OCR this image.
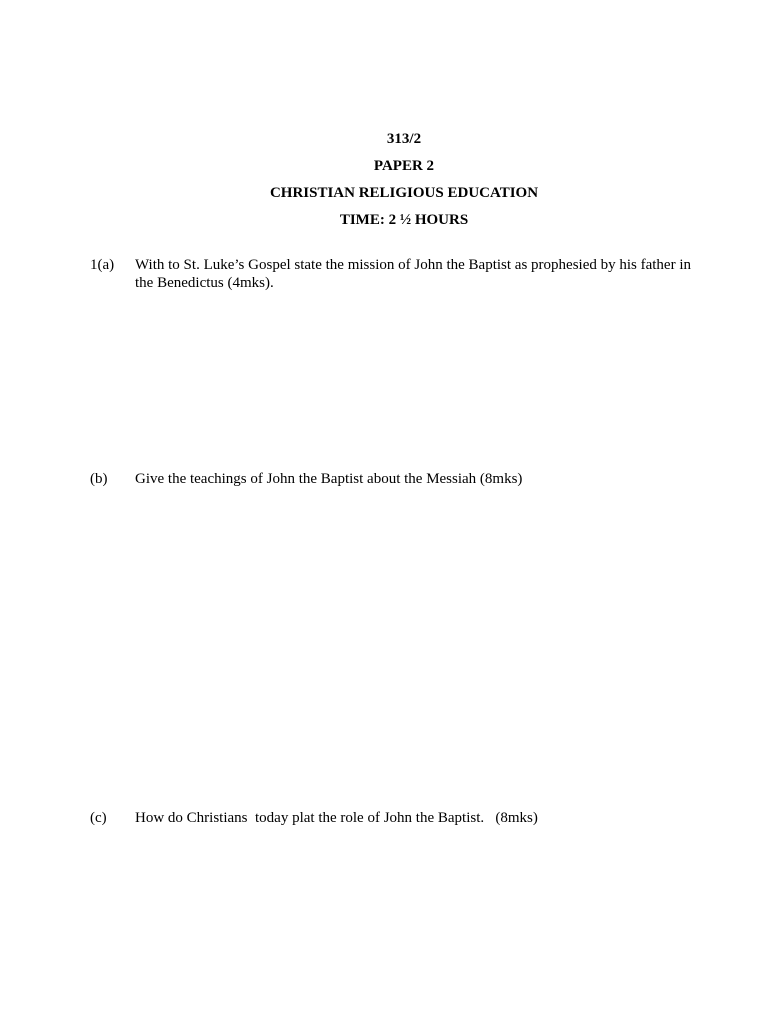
313/2
PAPER 2
CHRISTIAN RELIGIOUS EDUCATION
TIME: 2 ½ HOURS
1(a)	With to St. Luke’s Gospel state the mission of John the Baptist as prophesied by his father in the Benedictus (4mks).
(b)	Give the teachings of John the Baptist about the Messiah (8mks)
(c)	How do Christians  today plat the role of John the Baptist.   (8mks)
